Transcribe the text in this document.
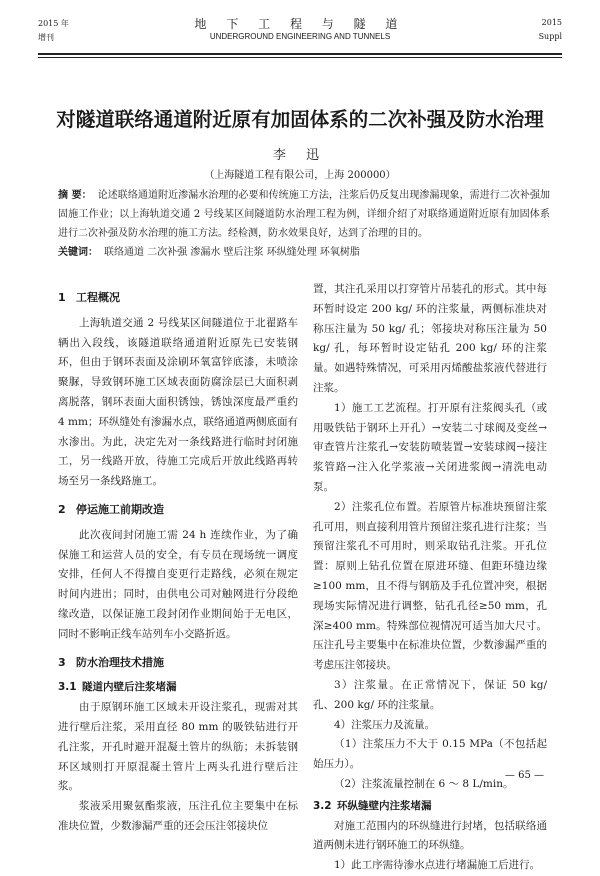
2015 年
增刊
地 下 工 程 与 隧 道
UNDERGROUND ENGINEERING AND TUNNELS
2015
Suppl
对隧道联络通道附近原有加固体系的二次补强及防水治理
李 迅
（上海隧道工程有限公司，上海 200000）

摘 要： 论述联络通道附近渗漏水治理的必要和传统施工方法，注浆后仍反复出现渗漏现象，需进行二次补强加固施工作业；以上海轨道交通 2 号线某区间隧道防水治理工程为例，详细介绍了对联络通道附近原有加固体系进行二次补强及防水治理的施工方法。经检测，防水效果良好，达到了治理的目的。

关键词： 联络通道 二次补强 渗漏水 壁后注浆 环纵缝处理 环氧树脂

1 工程概况

上海轨道交通 2 号线某区间隧道位于北翟路车辆出入段线，该隧道联络通道附近原先已安装钢环，但由于钢环表面及涂刷环氧富锌底漆，未喷涂聚脲，导致钢环施工区域表面防腐涂层已大面积剥离脱落，钢环表面大面积锈蚀，锈蚀深度最严重约 4 mm；环纵缝处有渗漏水点，联络通道两侧底面有水渗出。为此，决定先对一条线路进行临时封闭施工，另一线路开放，待施工完成后开放此线路再转场至另一条线路施工。

2 停运施工前期改造

此次夜间封闭施工需 24 h 连续作业，为了确保施工和运营人员的安全，有专员在现场统一调度安排，任何人不得擅自变更行走路线，必须在规定时间内进出；同时，由供电公司对触网进行分段绝缘改造，以保证施工段封闭作业期间始于无电区，同时不影响正线车站列车小交路折返。

3 防水治理技术措施
3.1 隧道内壁后注浆堵漏

由于原钢环施工区域未开设注浆孔，现需对其进行壁后注浆，采用直径 80 mm 的吸铁钻进行开孔注浆，开孔时避开混凝土管片的纵筋；未拆装钢环区域则打开原混凝土管片上两头孔进行壁后注浆。

浆液采用聚氨酯浆液，压注孔位主要集中在标准块位置，少数渗漏严重的还会压注邻接块位

置，其注孔采用以打穿管片吊装孔的形式。其中每环暂时设定 200 kg/ 环的注浆量，两侧标准块对称压注量为 50 kg/ 孔；邻接块对称压注量为 50 kg/ 孔，每环暂时设定钻孔 200 kg/ 环的注浆量。如遇特殊情况，可采用丙烯酸盐浆液代替进行注浆。

1）施工工艺流程。打开原有注浆阀头孔（或用吸铁钻于钢环上开孔）→安装二寸球阀及变丝→审查管片注浆孔→安装防喷装置→安装球阀→接注浆管路→注入化学浆液→关闭进浆阀→清洗电动泵。

2）注浆孔位布置。若原管片标准块预留注浆孔可用，则直接利用管片预留注浆孔进行注浆；当预留注浆孔不可用时，则采取钻孔注浆。开孔位置：原则上钻孔位置在原进环缝、但距环缝边缘≥100 mm，且不得与钢筋及手孔位置冲突，根据现场实际情况进行调整，钻孔孔径≥50 mm，孔深≥400 mm。特殊部位视情况可适当加大尺寸。压注孔号主要集中在标准块位置，少数渗漏严重的考虑压注邻接块。

3）注浆量。在正常情况下，保证 50 kg/ 孔、200 kg/ 环的注浆量。

4）注浆压力及流量。

（1）注浆压力不大于 0.15 MPa（不包括起始压力）。

（2）注浆流量控制在 6 ～ 8 L/min。

3.2 环纵缝壁内注浆堵漏

对施工范围内的环纵缝进行封堵，包括联络通道两侧未进行钢环施工的环纵缝。

1）此工序需待渗水点进行堵漏施工后进行。

— 65 —
